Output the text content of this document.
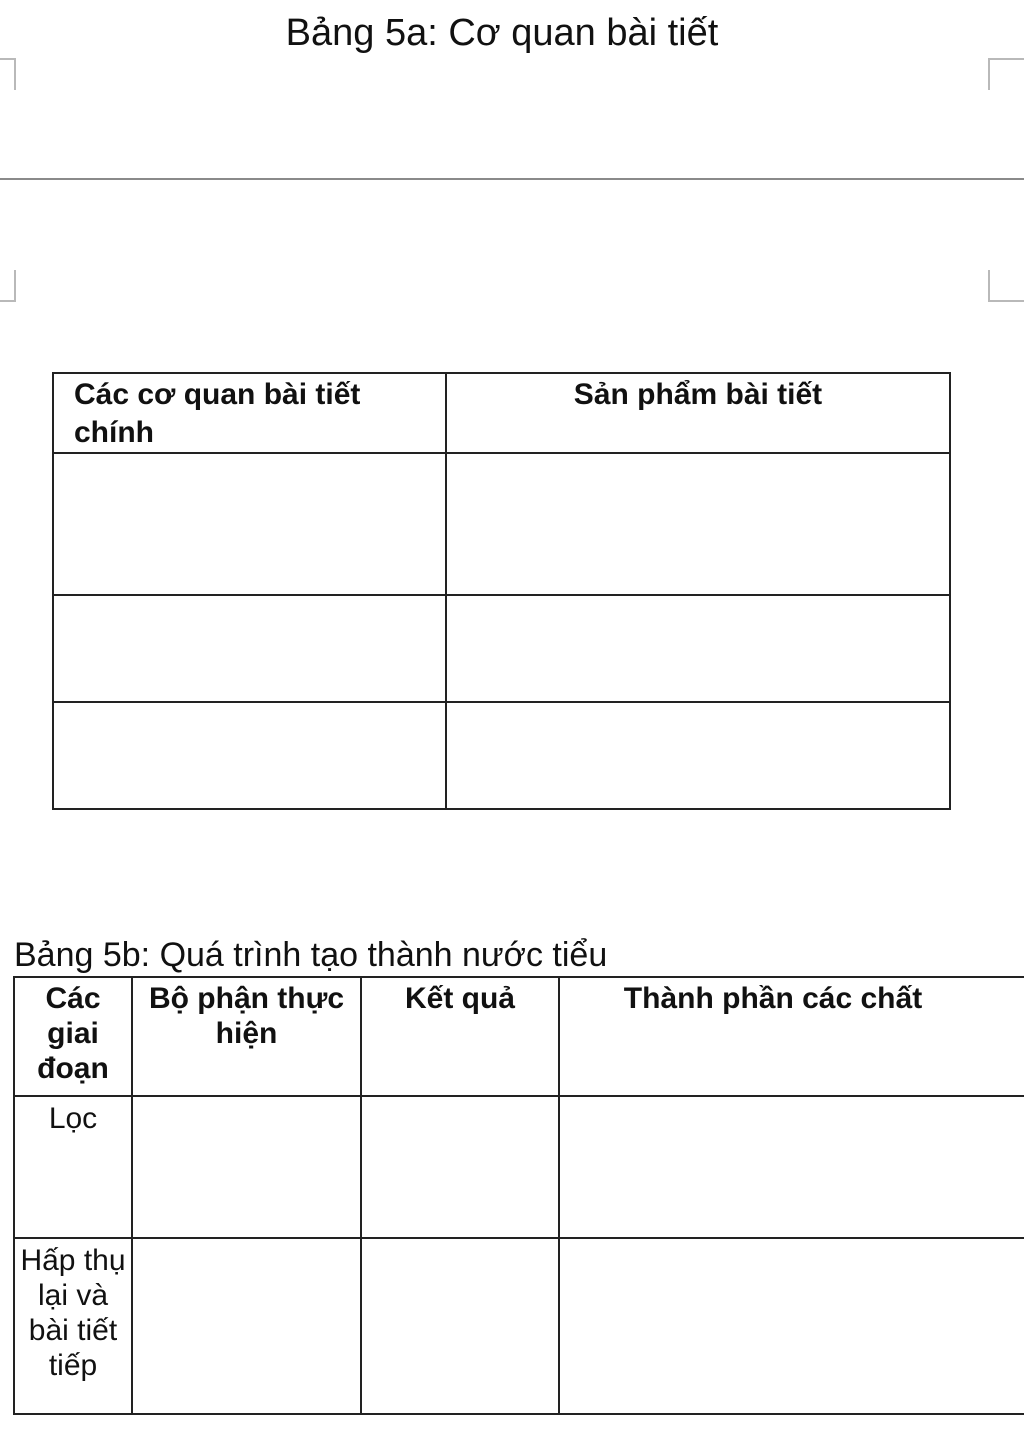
Bảng 5a: Cơ quan bài tiết
Các cơ quan bài tiết chính	Sản phẩm bài tiết

Bảng 5b: Quá trình tạo thành nước tiểu
Các giai đoạn	Bộ phận thực hiện	Kết quả	Thành phần các chất
Lọc			
Hấp thụ lại và bài tiết tiếp			
